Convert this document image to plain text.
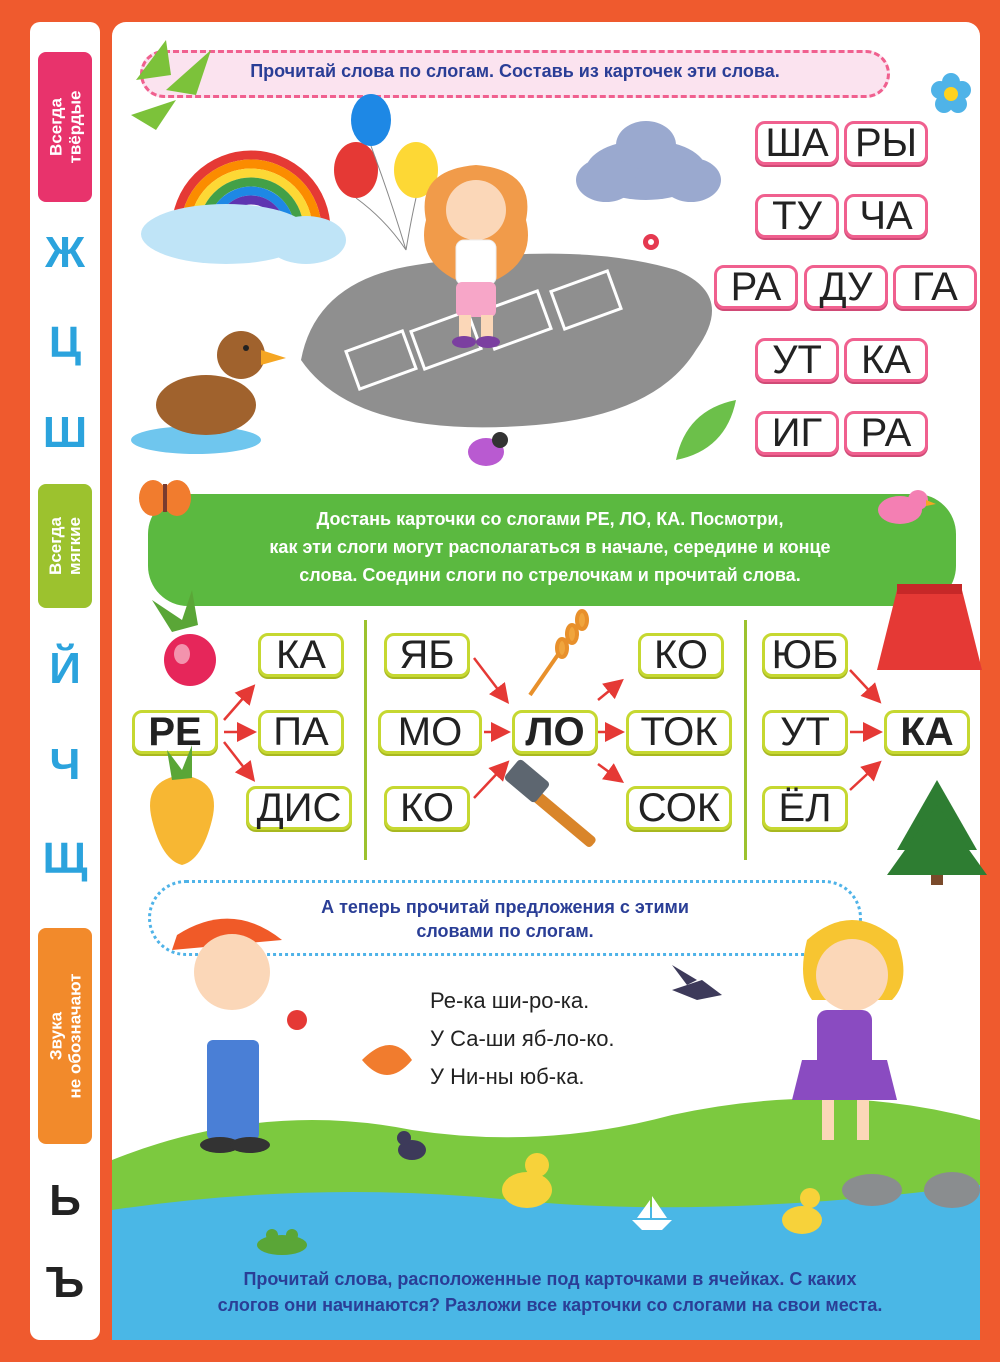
Всегда твёрдые
Ж
Ц
Ш
Всегда мягкие
Й
Ч
Щ
Звука не обозначают
Ь
Ъ
Прочитай слова по слогам. Составь из карточек эти слова.
ША РЫ
ТУ ЧА
РА ДУ ГА
УТ КА
ИГ РА
Достань карточки со слогами РЕ, ЛО, КА. Посмотри,
как эти слоги могут располагаться в начале, середине и конце
слова. Соедини слоги по стрелочкам и прочитай слова.
КА
РЕ	ПА
ДИС
ЯБ
МО
КО
ЛО
КО
ТОК
СОК
ЮБ
УТ
ЁЛ
КА
А теперь прочитай предложения с этими
словами по слогам.
Ре-ка ши-ро-ка.
У Са-ши яб-ло-ко.
У Ни-ны юб-ка.
Прочитай слова, расположенные под карточками в ячейках. С каких
слогов они начинаются? Разложи все карточки со слогами на свои места.
